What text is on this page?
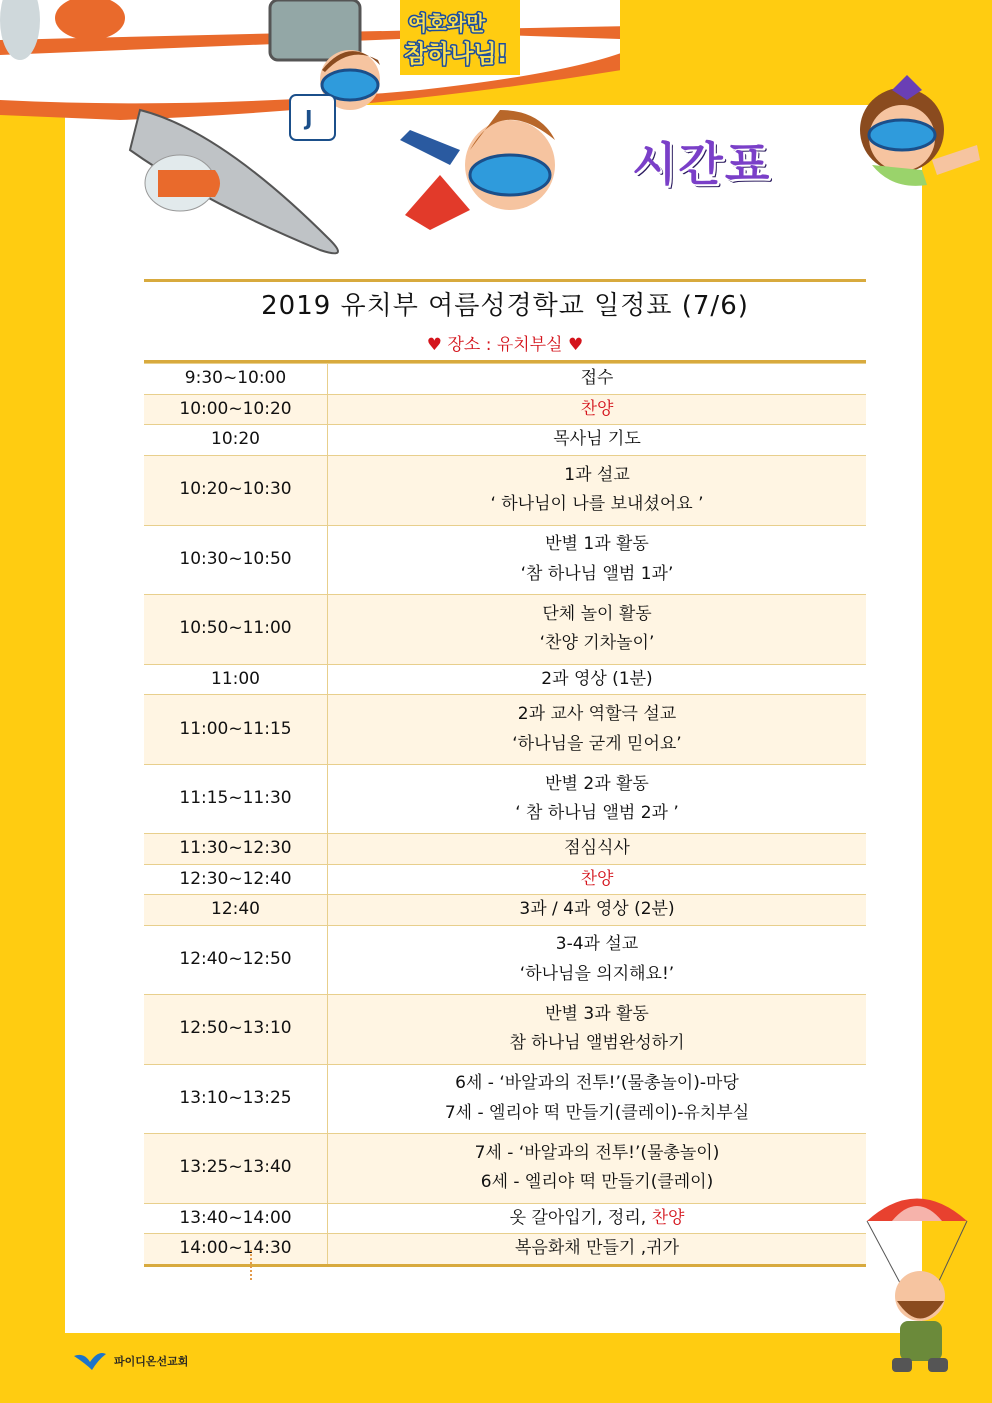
J
여호와만
참하나님!
시간표
2019 유치부 여름성경학교 일정표 (7/6)
♥ 장소 : 유치부실 ♥
9:30~10:00	접수

10:00~10:20	찬양

10:20	목사님 기도

10:20~10:30	1과 설교
‘ 하나님이 나를 보내셨어요 ’

10:30~10:50	반별 1과 활동
‘참 하나님 앨범 1과’

10:50~11:00	단체 놀이 활동
‘찬양 기차놀이’

11:00	2과 영상 (1분)

11:00~11:15	2과 교사 역할극 설교
‘하나님을 굳게 믿어요’

11:15~11:30	반별 2과 활동
‘ 참 하나님 앨범 2과 ’

11:30~12:30	점심식사

12:30~12:40	찬양

12:40	3과 / 4과 영상 (2분)

12:40~12:50	3-4과 설교
‘하나님을 의지해요!’

12:50~13:10	반별 3과 활동
참 하나님 앨범완성하기

13:10~13:25	6세 - ‘바알과의 전투!’(물총놀이)-마당
7세 - 엘리야 떡 만들기(클레이)-유치부실

13:25~13:40	7세 - ‘바알과의 전투!’(물총놀이)
6세 - 엘리야 떡 만들기(클레이)

13:40~14:00	옷 갈아입기, 정리, 찬양

14:00~14:30	복음화채 만들기 ,귀가
파이디온선교회
